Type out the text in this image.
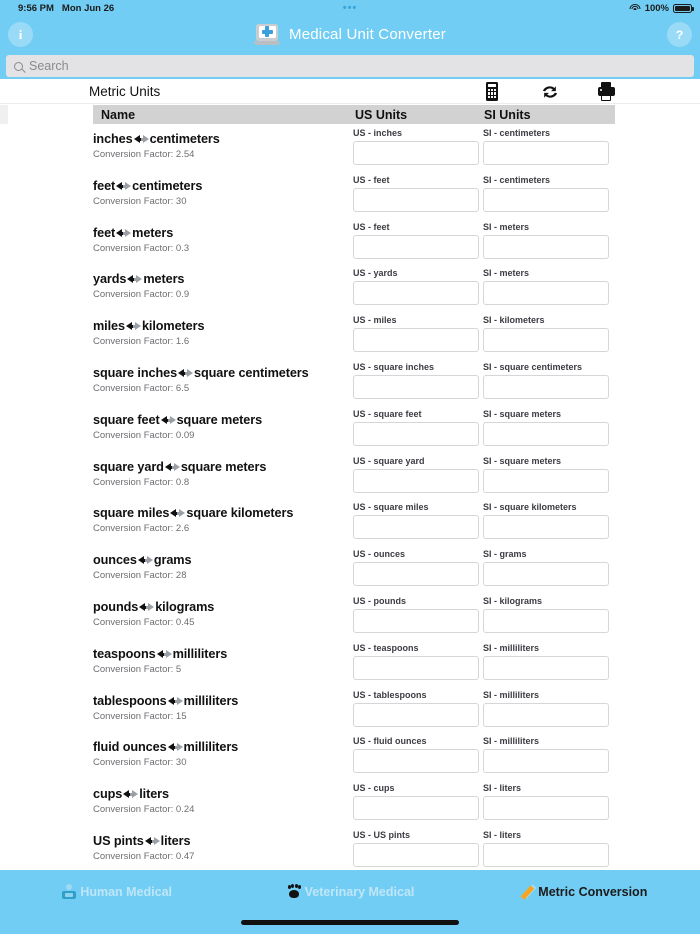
9:56 PM Mon Jun 26	•••	100%
i	Medical Unit Converter	?
Search
Metric Units
Name	US Units	SI Units
inches centimeters
Conversion Factor: 2.54
US - inches	SI - centimeters
feet centimeters
Conversion Factor: 30
US - feet	SI - centimeters
feet meters
Conversion Factor: 0.3
US - feet	SI - meters
yards meters
Conversion Factor: 0.9
US - yards	SI - meters
miles kilometers
Conversion Factor: 1.6
US - miles	SI - kilometers
square inches square centimeters
Conversion Factor: 6.5
US - square inches	SI - square centimeters
square feet square meters
Conversion Factor: 0.09
US - square feet	SI - square meters
square yard square meters
Conversion Factor: 0.8
US - square yard	SI - square meters
square miles square kilometers
Conversion Factor: 2.6
US - square miles	SI - square kilometers
ounces grams
Conversion Factor: 28
US - ounces	SI - grams
pounds kilograms
Conversion Factor: 0.45
US - pounds	SI - kilograms
teaspoons milliliters
Conversion Factor: 5
US - teaspoons	SI - milliliters
tablespoons milliliters
Conversion Factor: 15
US - tablespoons	SI - milliliters
fluid ounces milliliters
Conversion Factor: 30
US - fluid ounces	SI - milliliters
cups liters
Conversion Factor: 0.24
US - cups	SI - liters
US pints liters
Conversion Factor: 0.47
US - US pints	SI - liters
Human Medical	Veterinary Medical	Metric Conversion
